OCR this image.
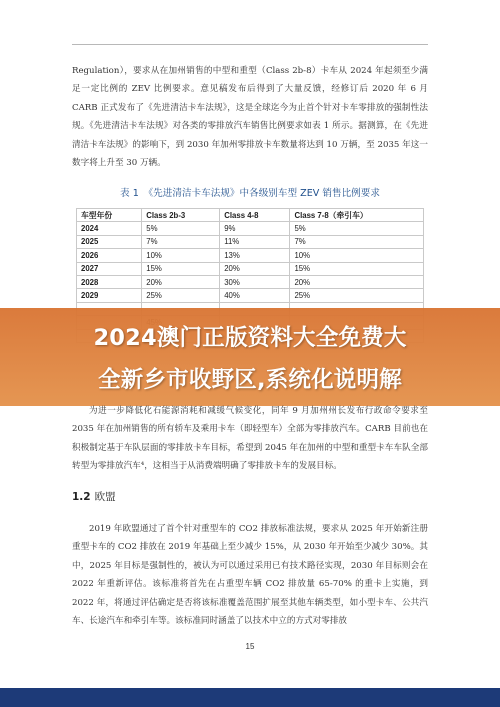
Regulation），要求从在加州销售的中型和重型（Class 2b-8）卡车从 2024 年起须至少满足一定比例的 ZEV 比例要求。意见稿发布后得到了大量反馈，经修订后 2020 年 6 月 CARB 正式发布了《先进清洁卡车法规》，这是全球迄今为止首个针对卡车零排放的强制性法规。《先进清洁卡车法规》对各类的零排放汽车销售比例要求如表 1 所示。据测算，在《先进清洁卡车法规》的影响下，到 2030 年加州零排放卡车数量将达到 10 万辆，至 2035 年这一数字将上升至 30 万辆。

表 1　《先进清洁卡车法规》中各级别车型 ZEV 销售比例要求
车型年份	Class 2b-3	Class 4-8	Class 7-8（牵引车）
2024	5%	9%	5%
2025	7%	11%	7%
2026	10%	13%	10%
2027	15%	20%	15%
2028	20%	30%	20%
2029	25%	40%	25%

2024澳门正版资料大全免费大
全新乡市收野区,系统化说明解

为进一步降低化石能源消耗和减缓气候变化，同年 9 月加州州长发布行政命令要求至 2035 年在加州销售的所有轿车及乘用卡车（即轻型车）全部为零排放汽车。CARB 目前也在积极制定基于车队层面的零排放卡车目标，希望到 2045 年在加州的中型和重型卡车车队全部转型为零排放汽车⁴，这相当于从消费端明确了零排放卡车的发展目标。

1.2 欧盟

2019 年欧盟通过了首个针对重型车的 CO2 排放标准法规，要求从 2025 年开始新注册重型卡车的 CO2 排放在 2019 年基础上至少减少 15%，从 2030 年开始至少减少 30%。其中，2025 年目标是强制性的，被认为可以通过采用已有技术路径实现，2030 年目标则会在 2022 年重新评估。该标准将首先在占重型车辆 CO2 排放量 65-70% 的重卡上实施，到 2022 年，将通过评估确定是否将该标准覆盖范围扩展至其他车辆类型，如小型卡车、公共汽车、长途汽车和牵引车等。该标准同时涵盖了以技术中立的方式对零排放

15
